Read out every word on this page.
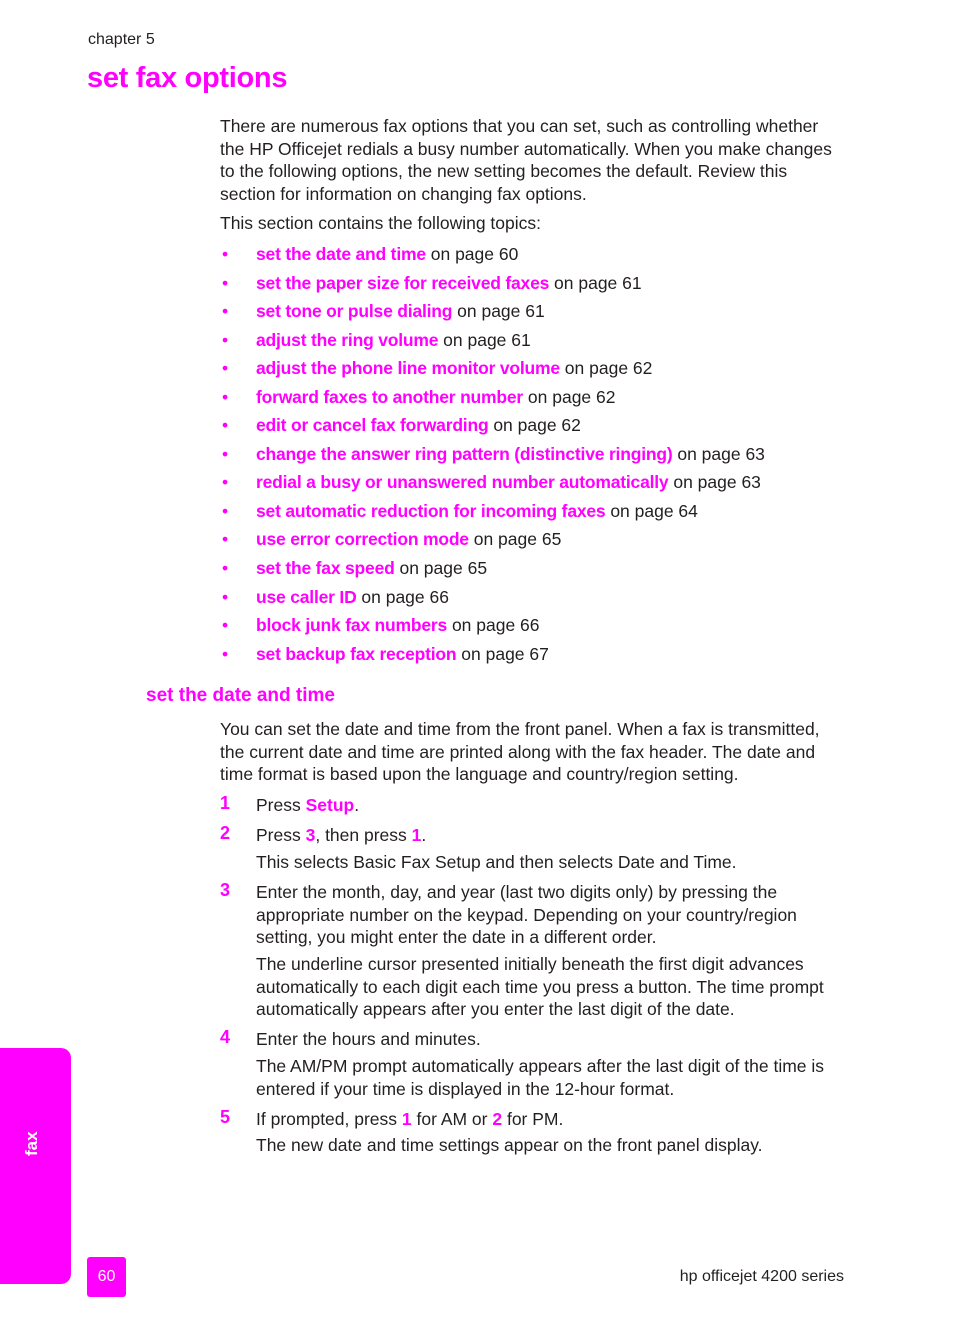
chapter 5
set fax options
There are numerous fax options that you can set, such as controlling whether the HP Officejet redials a busy number automatically. When you make changes to the following options, the new setting becomes the default. Review this section for information on changing fax options.
This section contains the following topics:
• set the date and time on page 60
• set the paper size for received faxes on page 61
• set tone or pulse dialing on page 61
• adjust the ring volume on page 61
• adjust the phone line monitor volume on page 62
• forward faxes to another number on page 62
• edit or cancel fax forwarding on page 62
• change the answer ring pattern (distinctive ringing) on page 63
• redial a busy or unanswered number automatically on page 63
• set automatic reduction for incoming faxes on page 64
• use error correction mode on page 65
• set the fax speed on page 65
• use caller ID on page 66
• block junk fax numbers on page 66
• set backup fax reception on page 67
set the date and time
You can set the date and time from the front panel. When a fax is transmitted, the current date and time are printed along with the fax header. The date and time format is based upon the language and country/region setting.
1 Press Setup.
2 Press 3, then press 1.
This selects Basic Fax Setup and then selects Date and Time.
3 Enter the month, day, and year (last two digits only) by pressing the appropriate number on the keypad. Depending on your country/region setting, you might enter the date in a different order.
The underline cursor presented initially beneath the first digit advances automatically to each digit each time you press a button. The time prompt automatically appears after you enter the last digit of the date.
4 Enter the hours and minutes.
The AM/PM prompt automatically appears after the last digit of the time is entered if your time is displayed in the 12-hour format.
5 If prompted, press 1 for AM or 2 for PM.
The new date and time settings appear on the front panel display.
fax
60	hp officejet 4200 series
